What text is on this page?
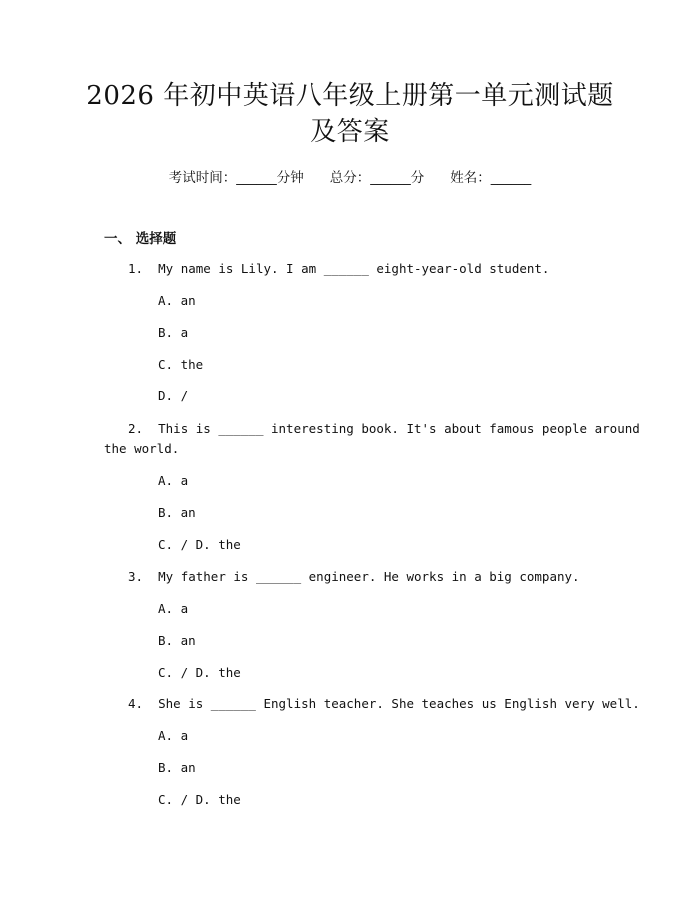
2026 年初中英语八年级上册第一单元测试题
及答案
考试时间：______分钟 总分：______分 姓名：______
一、 选择题
1. My name is Lily. I am ______ eight-year-old student.
A. an
B. a
C. the
D. /
2. This is ______ interesting book. It's about famous people around
the world.
A. a
B. an
C. / D. the
3. My father is ______ engineer. He works in a big company.
A. a
B. an
C. / D. the
4. She is ______ English teacher. She teaches us English very well.
A. a
B. an
C. / D. the
